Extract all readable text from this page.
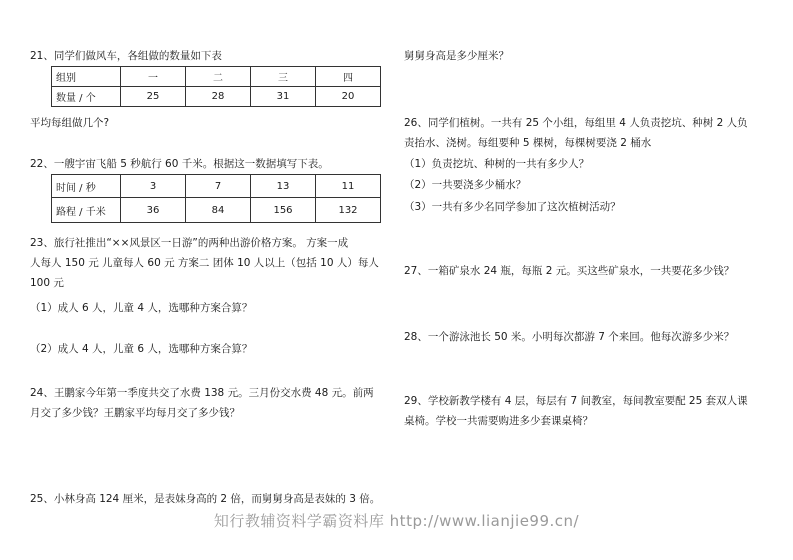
21、同学们做风车，各组做的数量如下表
组别	一	二	三	四
数量 / 个	25	28	31	20
平均每组做几个?
22、一艘宇宙飞船 5 秒航行 60 千米。根据这一数据填写下表。
时间 / 秒	3	7	13	11
路程 / 千米	36	84	156	132
23、旅行社推出“××风景区一日游”的两种出游价格方案。 方案一成
人每人 150 元 儿童每人 60 元 方案二 团体 10 人以上（包括 10 人）每人
100 元
（1）成人 6 人，儿童 4 人，选哪种方案合算？
（2）成人 4 人，儿童 6 人，选哪种方案合算？
24、王鹏家今年第一季度共交了水费 138 元。三月份交水费 48 元。前两
月交了多少钱？王鹏家平均每月交了多少钱？
25、小林身高 124 厘米，是表妹身高的 2 倍，而舅舅身高是表妹的 3 倍。
舅舅身高是多少厘米？
26、同学们植树。一共有 25 个小组，每组里 4 人负责挖坑、种树 2 人负
责抬水、浇树。每组要种 5 棵树，每棵树要浇 2 桶水
（1）负责挖坑、种树的一共有多少人？
（2）一共要浇多少桶水？
（3）一共有多少名同学参加了这次植树活动？
27、一箱矿泉水 24 瓶，每瓶 2 元。买这些矿泉水，一共要花多少钱？
28、一个游泳池长 50 米。小明每次都游 7 个来回。他每次游多少米？
29、学校新教学楼有 4 层，每层有 7 间教室，每间教室要配 25 套双人课
桌椅。学校一共需要购进多少套课桌椅？
知行教辅资料学霸资料库 http://www.lianjie99.cn/
